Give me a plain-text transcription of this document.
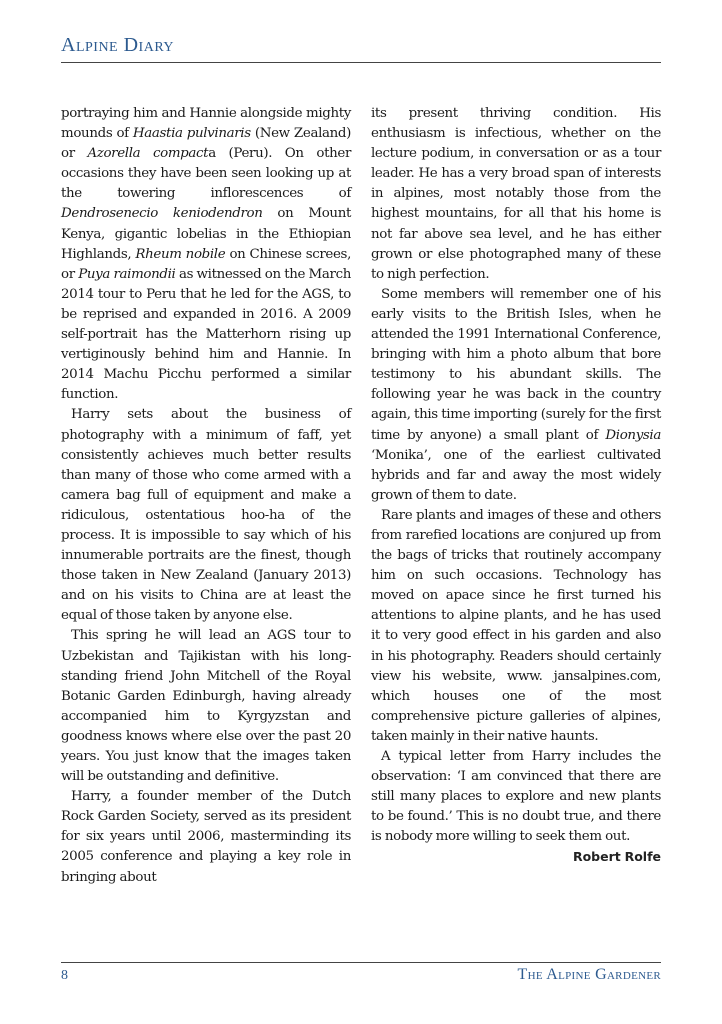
Alpine Diary

portraying him and Hannie alongside mighty mounds of Haastia pulvinaris (New Zealand) or Azorella compacta (Peru). On other occasions they have been seen looking up at the towering inflorescences of Dendrosenecio keniodendron on Mount Kenya, gigantic lobelias in the Ethiopian Highlands, Rheum nobile on Chinese screes, or Puya raimondii as witnessed on the March 2014 tour to Peru that he led for the AGS, to be reprised and expanded in 2016. A 2009 self-portrait has the Matterhorn rising up vertiginously behind him and Hannie. In 2014 Machu Picchu performed a similar function.

Harry sets about the business of photography with a minimum of faff, yet consistently achieves much better results than many of those who come armed with a camera bag full of equipment and make a ridiculous, ostentatious hoo-ha of the process. It is impossible to say which of his innumerable portraits are the finest, though those taken in New Zealand (January 2013) and on his visits to China are at least the equal of those taken by anyone else.

This spring he will lead an AGS tour to Uzbekistan and Tajikistan with his long-standing friend John Mitchell of the Royal Botanic Garden Edinburgh, having already accompanied him to Kyrgyzstan and goodness knows where else over the past 20 years. You just know that the images taken will be outstanding and definitive.

Harry, a founder member of the Dutch Rock Garden Society, served as its president for six years until 2006, masterminding its 2005 conference and playing a key role in bringing about

its present thriving condition. His enthusiasm is infectious, whether on the lecture podium, in conversation or as a tour leader. He has a very broad span of interests in alpines, most notably those from the highest mountains, for all that his home is not far above sea level, and he has either grown or else photographed many of these to nigh perfection.

Some members will remember one of his early visits to the British Isles, when he attended the 1991 International Conference, bringing with him a photo album that bore testimony to his abundant skills. The following year he was back in the country again, this time importing (surely for the first time by anyone) a small plant of Dionysia ‘Monika’, one of the earliest cultivated hybrids and far and away the most widely grown of them to date.

Rare plants and images of these and others from rarefied locations are conjured up from the bags of tricks that routinely accompany him on such occasions. Technology has moved on apace since he first turned his attentions to alpine plants, and he has used it to very good effect in his garden and also in his photography. Readers should certainly view his website, www. jansalpines.com, which houses one of the most comprehensive picture galleries of alpines, taken mainly in their native haunts.

A typical letter from Harry includes the observation: ‘I am convinced that there are still many places to explore and new plants to be found.’ This is no doubt true, and there is nobody more willing to seek them out.

Robert Rolfe

8	The Alpine Gardener
